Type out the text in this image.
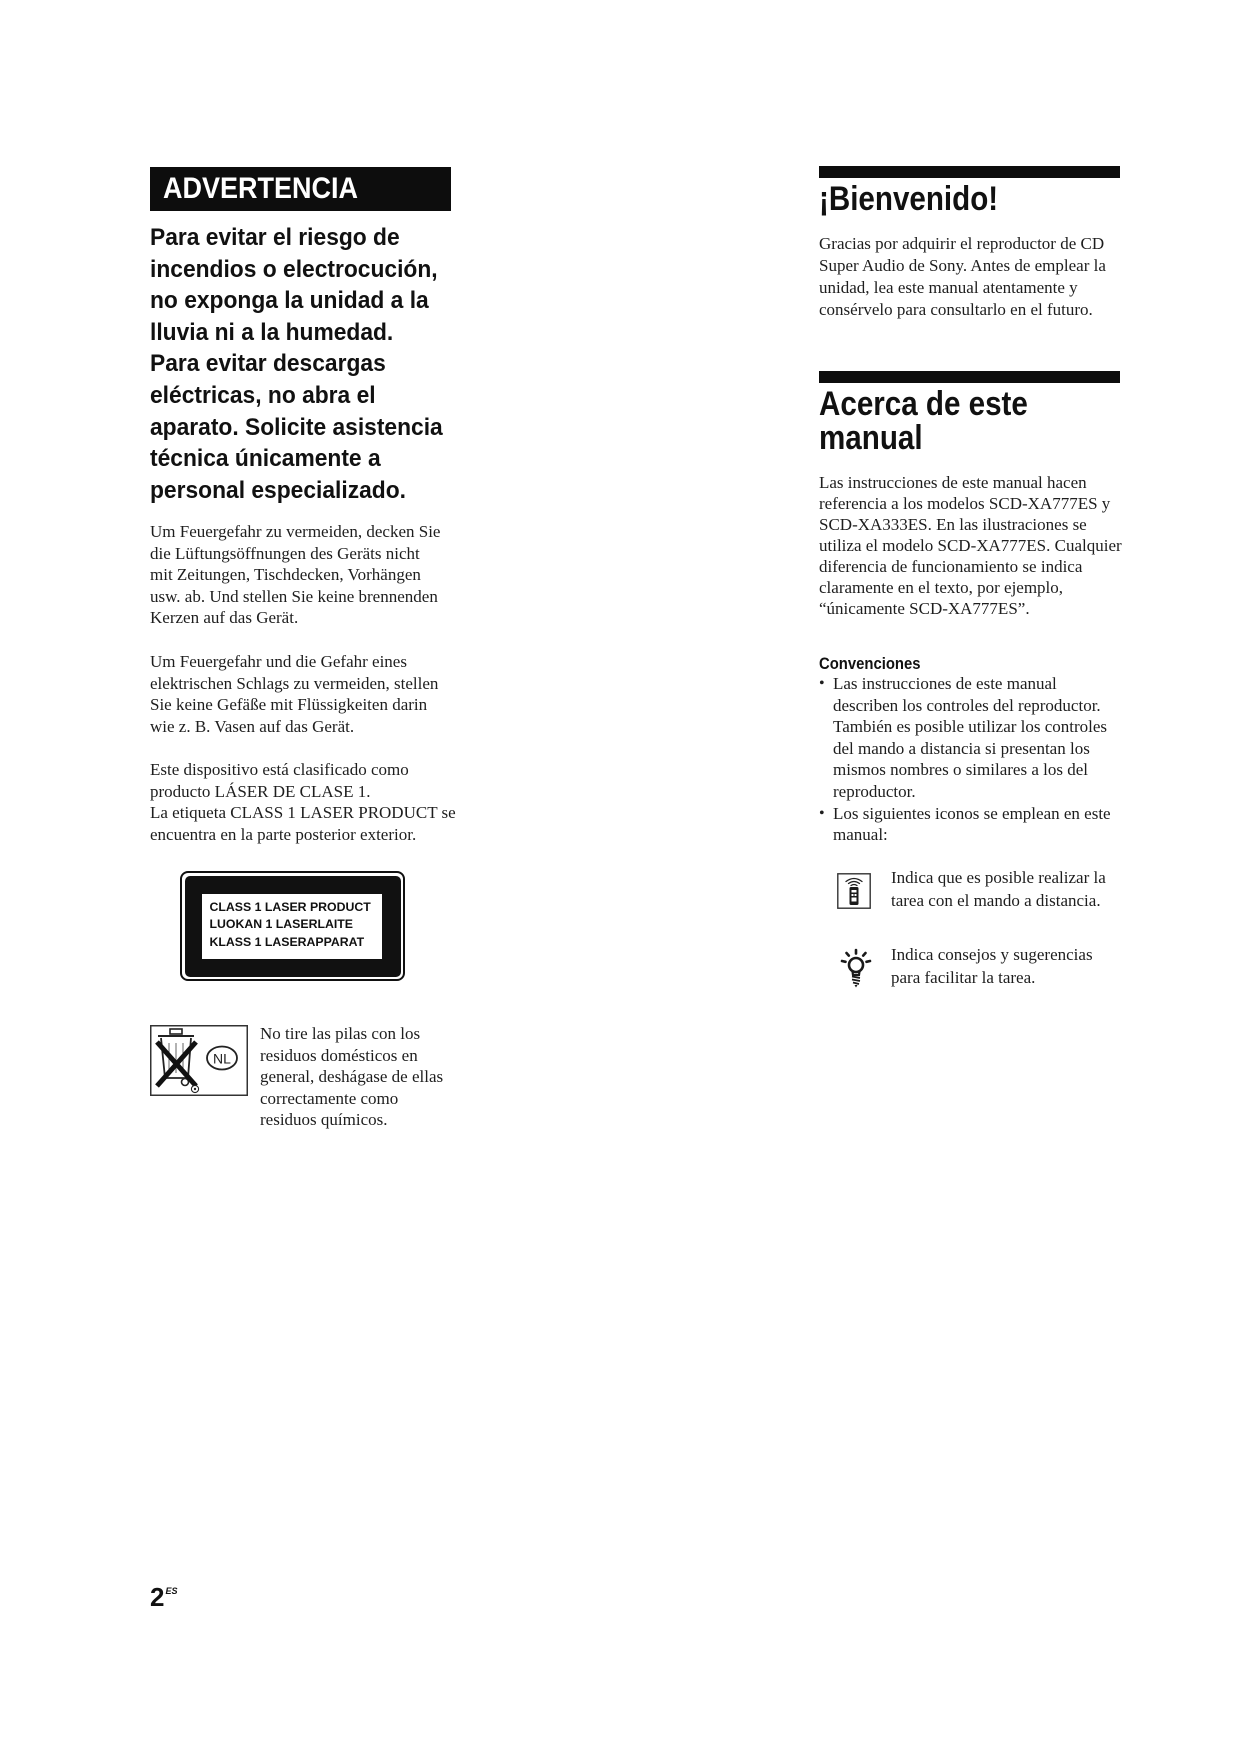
ADVERTENCIA
Para evitar el riesgo de
incendios o electrocución,
no exponga la unidad a la
lluvia ni a la humedad.
Para evitar descargas
eléctricas, no abra el
aparato. Solicite asistencia
técnica únicamente a
personal especializado.
Um Feuergefahr zu vermeiden, decken Sie
die Lüftungsöffnungen des Geräts nicht
mit Zeitungen, Tischdecken, Vorhängen
usw. ab. Und stellen Sie keine brennenden
Kerzen auf das Gerät.
Um Feuergefahr und die Gefahr eines
elektrischen Schlags zu vermeiden, stellen
Sie keine Gefäße mit Flüssigkeiten darin
wie z. B. Vasen auf das Gerät.
Este dispositivo está clasificado como
producto LÁSER DE CLASE 1.
La etiqueta CLASS 1 LASER PRODUCT se
encuentra en la parte posterior exterior.
CLASS 1 LASER PRODUCT
LUOKAN 1 LASERLAITE
KLASS 1 LASERAPPARAT
NL
No tire las pilas con los
residuos domésticos en
general, deshágase de ellas
correctamente como
residuos químicos.
¡Bienvenido!
Gracias por adquirir el reproductor de CD
Super Audio de Sony. Antes de emplear la
unidad, lea este manual atentamente y
consérvelo para consultarlo en el futuro.
Acerca de este
manual
Las instrucciones de este manual hacen
referencia a los modelos SCD-XA777ES y
SCD-XA333ES. En las ilustraciones se
utiliza el modelo SCD-XA777ES. Cualquier
diferencia de funcionamiento se indica
claramente en el texto, por ejemplo,
“únicamente SCD-XA777ES”.
Convenciones
• Las instrucciones de este manual
describen los controles del reproductor.
También es posible utilizar los controles
del mando a distancia si presentan los
mismos nombres o similares a los del
reproductor.
• Los siguientes iconos se emplean en este
manual:
Indica que es posible realizar la
tarea con el mando a distancia.
Indica consejos y sugerencias
para facilitar la tarea.
$2^{ES}$
